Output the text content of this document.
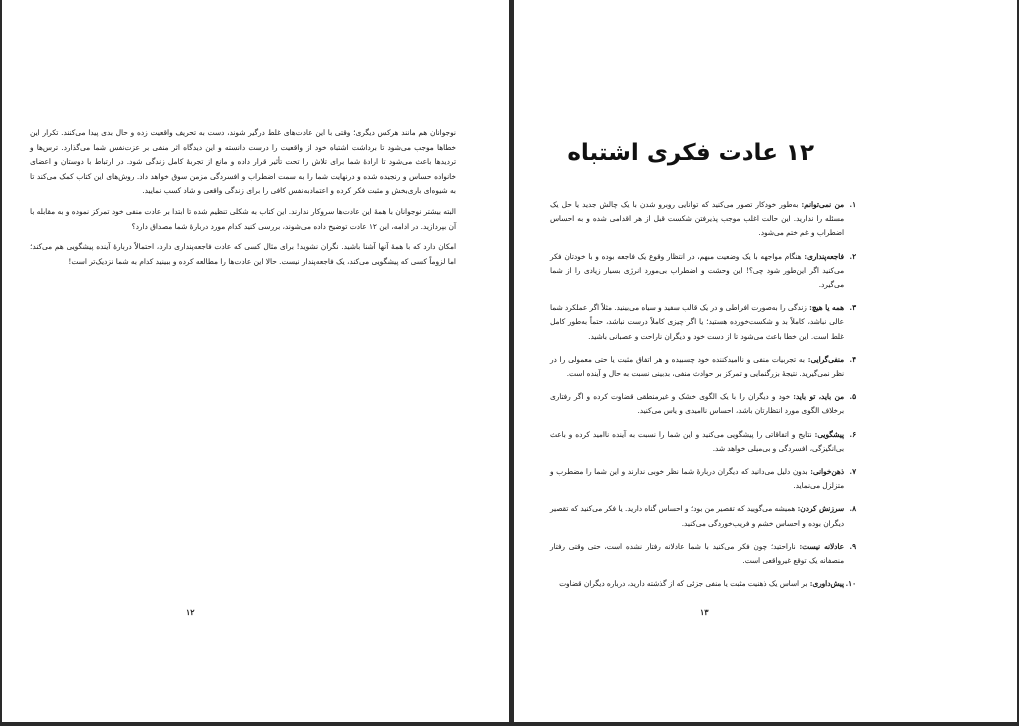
نوجوانان هم مانند هرکس دیگری؛ وقتی با این عادت‌های غلط درگیر شوند، دست به تحریف واقعیت زده و حال بدی پیدا می‌کنند. تکرار این خطاها موجب می‌شود تا برداشت اشتباه خود از واقعیت را درست دانسته و این دیدگاه اثر منفی بر عزت‌نفس شما می‌گذارد. ترس‌ها و تردیدها باعث می‌شود تا ارادهٔ شما برای تلاش را تحت تأثیر قرار داده و مانع از تجربهٔ کامل زندگی شود. در ارتباط با دوستان و اعضای خانواده حساس و رنجیده شده و درنهایت شما را به سمت اضطراب و افسردگی مزمن سوق خواهد داد. روش‌های این کتاب کمک می‌کند تا به شیوه‌ای باری‌بخش و مثبت فکر کرده و اعتمادبه‌نفس کافی را برای زندگی واقعی و شاد کسب نمایید.

البته بیشتر نوجوانان با همهٔ این عادت‌ها سروکار ندارند. این کتاب به شکلی تنظیم شده تا ابتدا بر عادت منفی خود تمرکز نموده و به مقابله با آن بپردازید. در ادامه، این ۱۲ عادت توضیح داده می‌شوند، بررسی کنید کدام مورد دربارهٔ شما مصداق دارد؟

امکان دارد که با همهٔ آنها آشنا باشید. نگران نشوید! برای مثال کسی که عادت فاجعه‌پنداری دارد، احتمالاً دربارهٔ آینده پیشگویی هم می‌کند؛ اما لزوماً کسی که پیشگویی می‌کند، یک فاجعه‌پندار نیست. حالا این عادت‌ها را مطالعه کرده و ببینید کدام به شما نزدیک‌تر است!

۱۲
۱۲ عادت فکری اشتباه
۱.
من نمی‌توانم: به‌طور خودکار تصور می‌کنید که توانایی روبرو شدن با یک چالش جدید یا حل یک مسئله را ندارید. این حالت اغلب موجب پذیرفتن شکست قبل از هر اقدامی شده و به احساس اضطراب و غم ختم می‌شود.
۲.
فاجعه‌پنداری: هنگام مواجهه با یک وضعیت مبهم، در انتظار وقوع یک فاجعه بوده و با خودتان فکر می‌کنید اگر این‌طور شود چی؟! این وحشت و اضطراب بی‌مورد انرژی بسیار زیادی را از شما می‌گیرد.
۳.
همه یا هیچ: زندگی را به‌صورت افراطی و در یک قالب سفید و سیاه می‌بینید. مثلاً اگر عملکرد شما عالی نباشد، کاملاً بد و شکست‌خورده هستید؛ یا اگر چیزی کاملاً درست نباشد، حتماً به‌طور کامل غلط است. این خطا باعث می‌شود تا از دست خود و دیگران ناراحت و عصبانی باشید.
۴.
منفی‌گرایی: به تجربیات منفی و ناامیدکننده خود چسبیده و هر اتفاق مثبت یا حتی معمولی را در نظر نمی‌گیرید. نتیجهٔ بزرگنمایی و تمرکز بر حوادث منفی، بدبینی نسبت به حال و آینده است.
۵.
من باید، تو باید: خود و دیگران را با یک الگوی خشک و غیرمنطقی قضاوت کرده و اگر رفتاری برخلاف الگوی مورد انتظارتان باشد، احساس ناامیدی و یاس می‌کنید.
۶.
پیشگویی: نتایج و اتفاقاتی را پیشگویی می‌کنید و این شما را نسبت به آینده ناامید کرده و باعث بی‌انگیزگی، افسردگی و بی‌میلی خواهد شد.
۷.
ذهن‌خوانی: بدون دلیل می‌دانید که دیگران دربارهٔ شما نظر خوبی ندارند و این شما را مضطرب و متزلزل می‌نماید.
۸.
سرزنش کردن: همیشه می‌گویید که تقصیر من بود؛ و احساس گناه دارید. یا فکر می‌کنید که تقصیر دیگران بوده و احساس خشم و فریب‌خوردگی می‌کنید.
۹.
عادلانه نیست: ناراحتید؛ چون فکر می‌کنید با شما عادلانه رفتار نشده است، حتی وقتی رفتار منصفانه یک توقع غیرواقعی است.
۱۰.
پیش‌داوری: بر اساس یک ذهنیت مثبت یا منفی جزئی که از گذشته دارید، درباره دیگران قضاوت
۱۳
